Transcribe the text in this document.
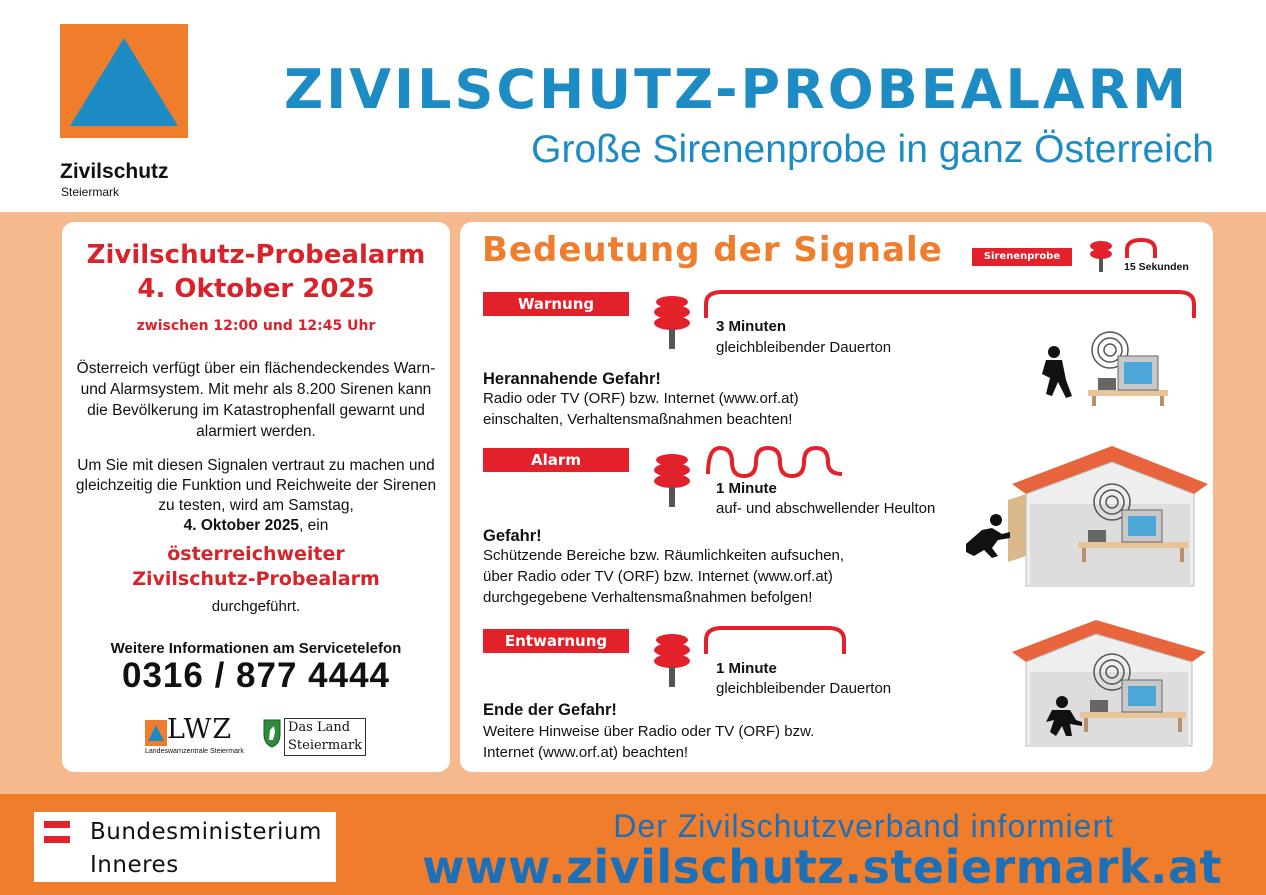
Zivilschutz
Steiermark
ZIVILSCHUTZ-PROBEALARM
Große Sirenenprobe in ganz Österreich
Zivilschutz-Probealarm
4. Oktober 2025
zwischen 12:00 und 12:45 Uhr
Österreich verfügt über ein flächendeckendes Warn- und Alarmsystem. Mit mehr als 8.200 Sirenen kann die Bevölkerung im Katastrophenfall gewarnt und alarmiert werden.
Um Sie mit diesen Signalen vertraut zu machen und gleichzeitig die Funktion und Reichweite der Sirenen zu testen, wird am Samstag,
4. Oktober 2025, ein
österreichweiter
Zivilschutz-Probealarm
durchgeführt.
Weitere Informationen am Servicetelefon
0316 / 877 4444
LWZ
Landeswarnzentrale Steiermark
Das Land
Steiermark
Bedeutung der Signale	Sirenenprobe
15 Sekunden
Warnung
3 Minuten
gleichbleibender Dauerton
Herannahende Gefahr!
Radio oder TV (ORF) bzw. Internet (www.orf.at)
einschalten, Verhaltensmaßnahmen beachten!
Alarm
1 Minute
auf- und abschwellender Heulton
Gefahr!
Schützende Bereiche bzw. Räumlichkeiten aufsuchen,
über Radio oder TV (ORF) bzw. Internet (www.orf.at)
durchgegebene Verhaltensmaßnahmen befolgen!
Entwarnung
1 Minute
gleichbleibender Dauerton
Ende der Gefahr!
Weitere Hinweise über Radio oder TV (ORF) bzw.
Internet (www.orf.at) beachten!
Bundesministerium
Inneres
Der Zivilschutzverband informiert
www.zivilschutz.steiermark.at
